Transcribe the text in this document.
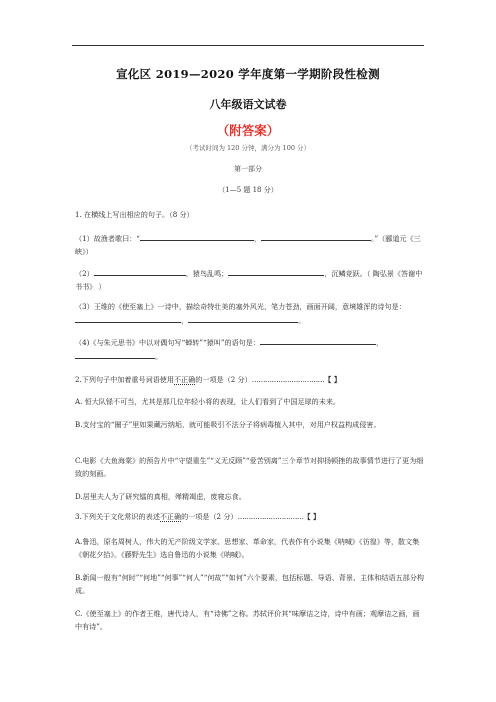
宣化区 2019—2020 学年度第一学期阶段性检测
八年级语文试卷
（附答案）
（考试时间为 120 分钟，满分为 100 分）
第一部分
（1—5 题 18 分）
1. 在横线上写出相应的句子。（8 分）
（1）故渔者歌曰：“	，	。”（郦道元《三峡》）
（2）	，猿鸟乱鸣；	，沉鳞竞跃。（ 陶弘景《答谢中书书》 ）
（3）王维的《使至塞上》一诗中，描绘奇特壮美的塞外风光，笔力苍劲，画面开阔，意境雄浑的诗句是：，	。
（4)《与朱元思书》中以对偶句写“蝉转”“猿叫”的语句是：	，。
2.下列句子中加着重号词语使用不正确的一项是（2 分）……………………………【 】
A. 恒大队铩不可当，尤其是那几位年轻小将的表现，让人们看到了中国足球的未来。
B.支付宝的“圈子”里如果藏污纳垢，就可能吸引不法分子将病毒植入其中，对用户权益构成侵害。
C.电影《大鱼海棠》的预告片中“守望重生”“义无反顾”“爱苦别离”三个章节对抑扬顿挫的故事情节进行了更为细致的刻画。
D.居里夫人为了研究镭的真相，殚精竭虑，废寝忘食。
3.下列关于文化常识的表述不正确的一项是（2 分）…………………………【 】
A.鲁迅，原名周树人，伟大的无产阶级文学家、思想家、革命家，代表作有小说集《呐喊》《彷徨》等，散文集《朝花夕拾》。《藤野先生》选自鲁迅的小说集《呐喊》。
B.新闻一般有“何时”“何地”“何事”“何人”“何故”“如何”六个要素，包括标题、导语、背景、主体和结语五部分构成。
C.《使至塞上》的作者王维，唐代诗人，有“诗佛”之称。苏轼评价其“味摩诘之诗，诗中有画；观摩诘之画，画中有诗”。
